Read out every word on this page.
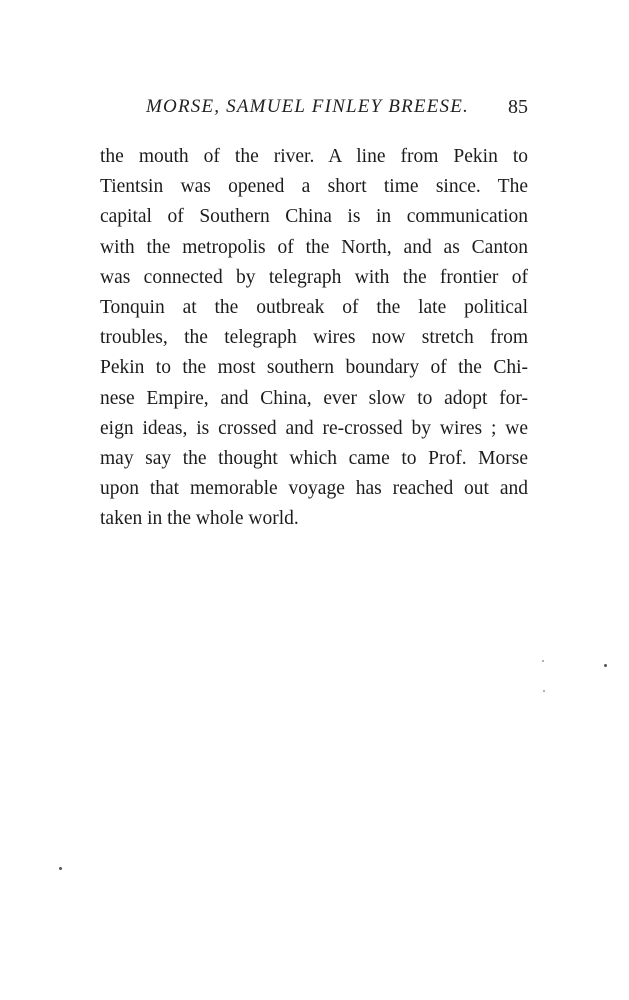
MORSE, SAMUEL FINLEY BREESE. 85
the mouth of the river. A line from Pekin to
Tientsin was opened a short time since. The
capital of Southern China is in communication
with the metropolis of the North, and as Canton
was connected by telegraph with the frontier of
Tonquin at the outbreak of the late political
troubles, the telegraph wires now stretch from
Pekin to the most southern boundary of the Chi-
nese Empire, and China, ever slow to adopt for-
eign ideas, is crossed and re-crossed by wires ; we
may say the thought which came to Prof. Morse
upon that memorable voyage has reached out and
taken in the whole world.
